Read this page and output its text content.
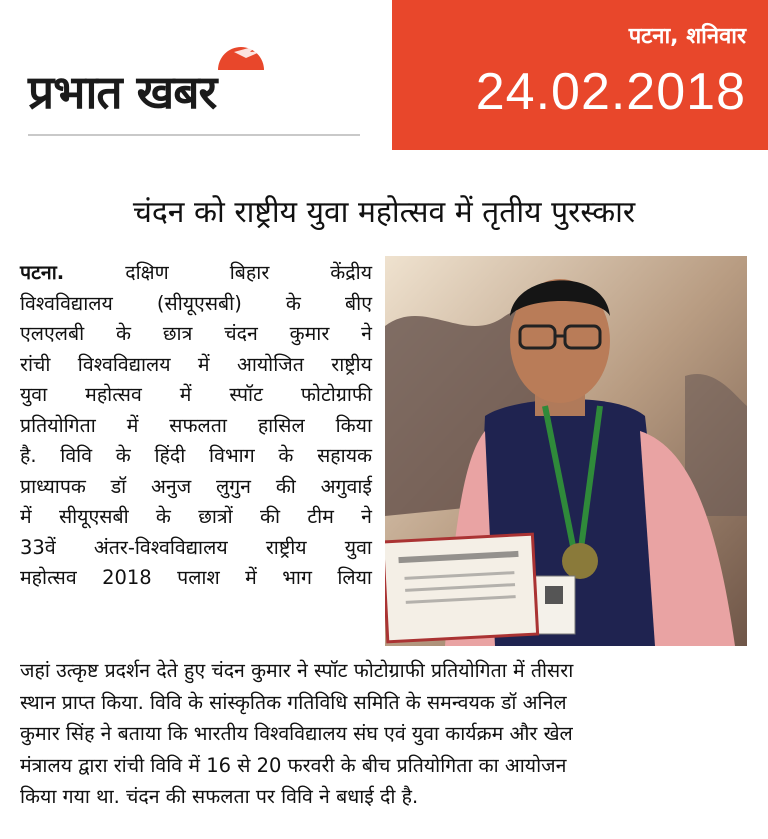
प्रभात खबर
पटना, शनिवार
24.02.2018
चंदन को राष्ट्रीय युवा महोत्सव में तृतीय पुरस्कार
पटना.	दक्षिण बिहार केंद्रीय
विश्वविद्यालय (सीयूएसबी) के बीए
एलएलबी के छात्र चंदन कुमार ने
रांची विश्वविद्यालय में आयोजित राष्ट्रीय
युवा महोत्सव में स्पॉट फोटोग्राफी
प्रतियोगिता में सफलता हासिल किया
है. विवि के हिंदी विभाग के सहायक
प्राध्यापक डॉ अनुज लुगुन की अगुवाई
में सीयूएसबी के छात्रों की टीम ने
33वें अंतर-विश्वविद्यालय राष्ट्रीय युवा
महोत्सव 2018 पलाश में भाग लिया
जहां उत्कृष्ट प्रदर्शन देते हुए चंदन कुमार ने स्पॉट फोटोग्राफी प्रतियोगिता में तीसरा
स्थान प्राप्त किया. विवि के सांस्कृतिक गतिविधि समिति के समन्वयक डॉ अनिल
कुमार सिंह ने बताया कि भारतीय विश्वविद्यालय संघ एवं युवा कार्यक्रम और खेल
मंत्रालय द्वारा रांची विवि में 16 से 20 फरवरी के बीच प्रतियोगिता का आयोजन
किया गया था. चंदन की सफलता पर विवि ने बधाई दी है.
